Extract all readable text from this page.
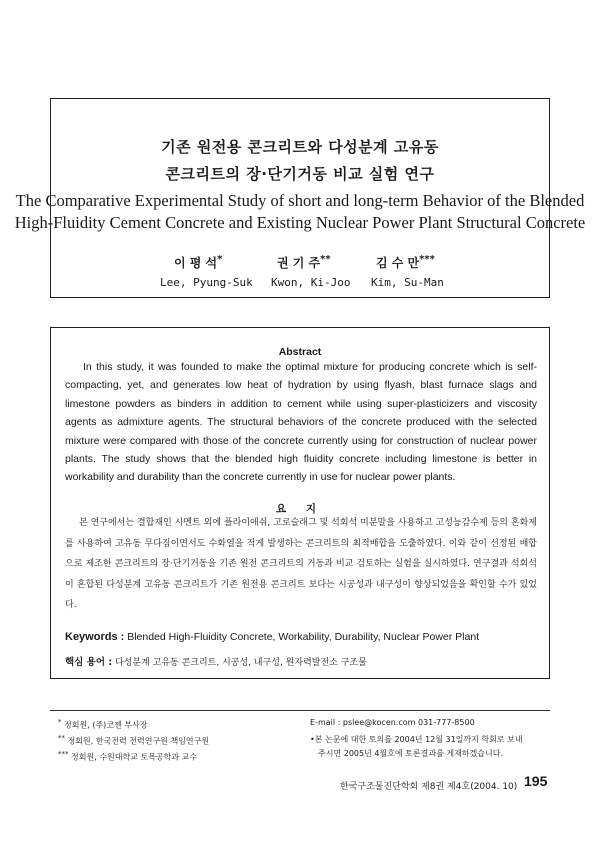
기존 원전용 콘크리트와 다성분계 고유동
콘크리트의 장·단기거동 비교 실험 연구
The Comparative Experimental Study of short and long-term Behavior of the Blended
High-Fluidity Cement Concrete and Existing Nuclear Power Plant Structural Concrete
이 평 석*	권 기 주**	김 수 만***
Lee, Pyung-Suk Kwon, Ki-Joo Kim, Su-Man
Abstract

In this study, it was founded to make the optimal mixture for producing concrete which is self-compacting, yet, and generates low heat of hydration by using flyash, blast furnace slags and limestone powders as binders in addition to cement while using super-plasticizers and viscosity agents as admixture agents. The structural behaviors of the concrete produced with the selected mixture were compared with those of the concrete currently using for construction of nuclear power plants. The study shows that the blended high fluidity concrete including limestone is better in workability and durability than the concrete currently in use for nuclear power plants.

요 지

본 연구에서는 결합재인 시멘트 외에 플라이애쉬, 고로슬래그 및 석회석 미분말을 사용하고 고성능감수제 등의 혼화제를 사용하여 고유동 무다짐이면서도 수화열을 적게 발생하는 콘크리트의 최적배합을 도출하였다. 이와 같이 선정된 배합으로 제조한 콘크리트의 장·단기거동을 기존 원전 콘크리트의 거동과 비교 검토하는 실험을 실시하였다. 연구결과 석회석이 혼합된 다성분계 고유동 콘크리트가 기존 원전용 콘크리트 보다는 시공성과 내구성이 향상되었음을 확인할 수가 있었다.

Keywords : Blended High-Fluidity Concrete, Workability, Durability, Nuclear Power Plant
핵심 용어 : 다성분계 고유동 콘크리트, 시공성, 내구성, 원자력발전소 구조물
* 정회원, (주)코젠 부사장
** 정회원, 한국전력 전력연구원 책임연구원
*** 정회원, 수원대학교 토목공학과 교수
E-mail : pslee@kocen.com 031-777-8500
•본 논문에 대한 토의를 2004년 12월 31일까지 학회로 보내
주시면 2005년 4월호에 토론결과를 게재하겠습니다.
한국구조물진단학회 제8권 제4호(2004. 10) 195
